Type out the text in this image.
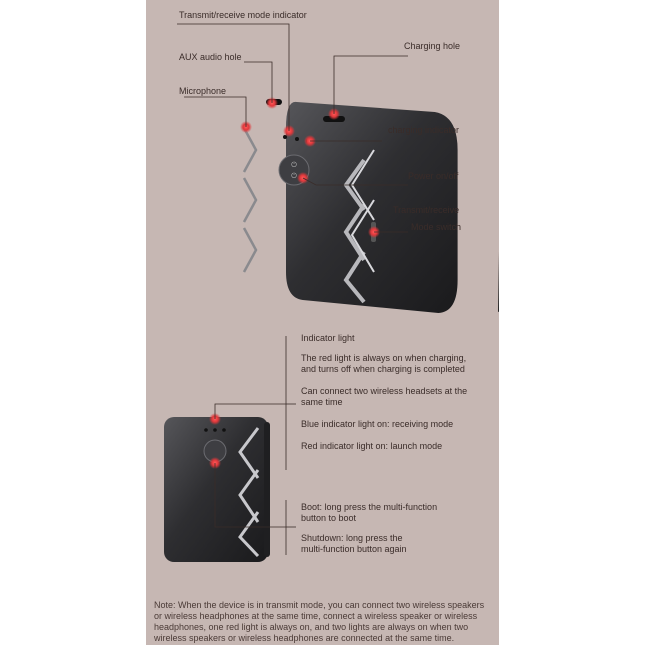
⏻
⏻
Transmit/receive mode indicator
AUX audio hole
Microphone
Charging hole
charging indicator
Power on/off
Transmit/receive
Mode switch
Indicator light
The red light is always on when charging,
and turns off when charging is completed
Can connect two wireless headsets at the
same time
Blue indicator light on: receiving mode
Red indicator light on: launch mode
Boot: long press the multi-function
button to boot
Shutdown: long press the
multi-function button again
Note: When the device is in transmit mode, you can connect two wireless speakers
or wireless headphones at the same time, connect a wireless speaker or wireless
headphones, one red light is always on, and two lights are always on when two
wireless speakers or wireless headphones are connected at the same time.
